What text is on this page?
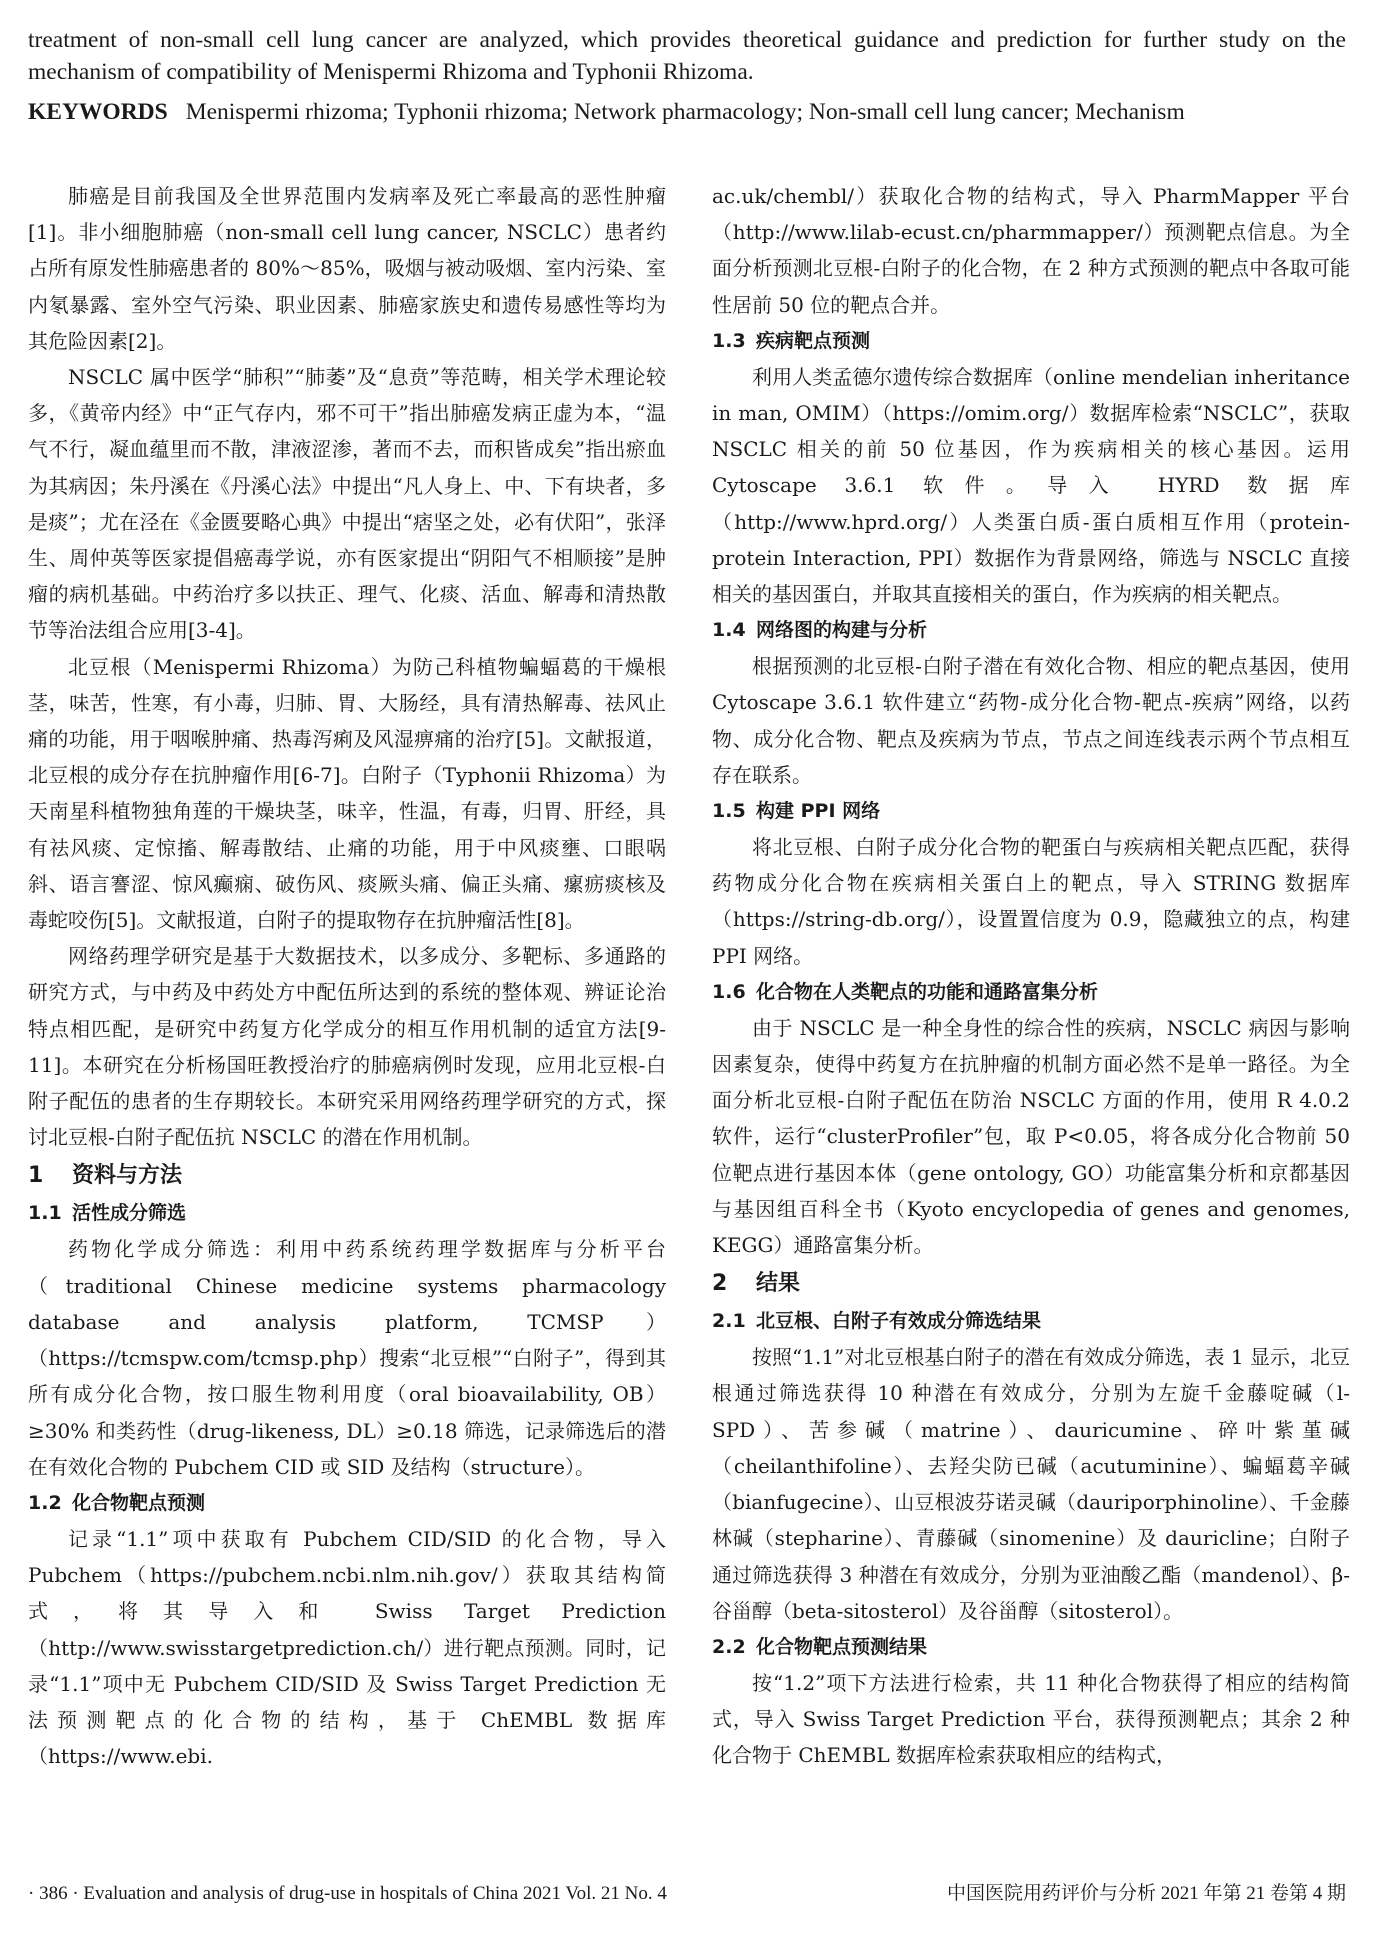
treatment of non-small cell lung cancer are analyzed, which provides theoretical guidance and prediction for further study on the mechanism of compatibility of Menispermi Rhizoma and Typhonii Rhizoma.
KEYWORDS Menispermi rhizoma; Typhonii rhizoma; Network pharmacology; Non-small cell lung cancer; Mechanism

肺癌是目前我国及全世界范围内发病率及死亡率最高的恶性肿瘤[1]。非小细胞肺癌（non-small cell lung cancer, NSCLC）患者约占所有原发性肺癌患者的 80%～85%，吸烟与被动吸烟、室内污染、室内氡暴露、室外空气污染、职业因素、肺癌家族史和遗传易感性等均为其危险因素[2]。

NSCLC 属中医学“肺积”“肺萎”及“息贲”等范畴，相关学术理论较多，《黄帝内经》中“正气存内，邪不可干”指出肺癌发病正虚为本，“温气不行，凝血蕴里而不散，津液涩渗，著而不去，而积皆成矣”指出瘀血为其病因；朱丹溪在《丹溪心法》中提出“凡人身上、中、下有块者，多是痰”；尤在泾在《金匮要略心典》中提出“痞坚之处，必有伏阳”，张泽生、周仲英等医家提倡癌毒学说，亦有医家提出“阴阳气不相顺接”是肿瘤的病机基础。中药治疗多以扶正、理气、化痰、活血、解毒和清热散节等治法组合应用[3-4]。

北豆根（Menispermi Rhizoma）为防己科植物蝙蝠葛的干燥根茎，味苦，性寒，有小毒，归肺、胃、大肠经，具有清热解毒、祛风止痛的功能，用于咽喉肿痛、热毒泻痢及风湿痹痛的治疗[5]。文献报道，北豆根的成分存在抗肿瘤作用[6-7]。白附子（Typhonii Rhizoma）为天南星科植物独角莲的干燥块茎，味辛，性温，有毒，归胃、肝经，具有祛风痰、定惊搐、解毒散结、止痛的功能，用于中风痰壅、口眼㖞斜、语言謇涩、惊风癫痫、破伤风、痰厥头痛、偏正头痛、瘰疬痰核及毒蛇咬伤[5]。文献报道，白附子的提取物存在抗肿瘤活性[8]。

网络药理学研究是基于大数据技术，以多成分、多靶标、多通路的研究方式，与中药及中药处方中配伍所达到的系统的整体观、辨证论治特点相匹配，是研究中药复方化学成分的相互作用机制的适宜方法[9-11]。本研究在分析杨国旺教授治疗的肺癌病例时发现，应用北豆根-白附子配伍的患者的生存期较长。本研究采用网络药理学研究的方式，探讨北豆根-白附子配伍抗 NSCLC 的潜在作用机制。

1 资料与方法
1.1 活性成分筛选

药物化学成分筛选：利用中药系统药理学数据库与分析平台（traditional Chinese medicine systems pharmacology database and analysis platform, TCMSP）（https://tcmspw.com/tcmsp.php）搜索“北豆根”“白附子”，得到其所有成分化合物，按口服生物利用度（oral bioavailability, OB）≥30% 和类药性（drug-likeness, DL）≥0.18 筛选，记录筛选后的潜在有效化合物的 Pubchem CID 或 SID 及结构（structure）。

1.2 化合物靶点预测

记录“1.1”项中获取有 Pubchem CID/SID 的化合物，导入 Pubchem（https://pubchem.ncbi.nlm.nih.gov/）获取其结构简式，将其导入和 Swiss Target Prediction（http://www.swisstargetprediction.ch/）进行靶点预测。同时，记录“1.1”项中无 Pubchem CID/SID 及 Swiss Target Prediction 无法预测靶点的化合物的结构，基于 ChEMBL 数据库（https://www.ebi.

ac.uk/chembl/）获取化合物的结构式，导入 PharmMapper 平台（http://www.lilab-ecust.cn/pharmmapper/）预测靶点信息。为全面分析预测北豆根-白附子的化合物，在 2 种方式预测的靶点中各取可能性居前 50 位的靶点合并。

1.3 疾病靶点预测

利用人类孟德尔遗传综合数据库（online mendelian inheritance in man, OMIM）（https://omim.org/）数据库检索“NSCLC”，获取 NSCLC 相关的前 50 位基因，作为疾病相关的核心基因。运用 Cytoscape 3.6.1 软件。导入 HYRD 数据库（http://www.hprd.org/）人类蛋白质-蛋白质相互作用（protein-protein Interaction, PPI）数据作为背景网络，筛选与 NSCLC 直接相关的基因蛋白，并取其直接相关的蛋白，作为疾病的相关靶点。

1.4 网络图的构建与分析

根据预测的北豆根-白附子潜在有效化合物、相应的靶点基因，使用 Cytoscape 3.6.1 软件建立“药物-成分化合物-靶点-疾病”网络，以药物、成分化合物、靶点及疾病为节点，节点之间连线表示两个节点相互存在联系。

1.5 构建 PPI 网络

将北豆根、白附子成分化合物的靶蛋白与疾病相关靶点匹配，获得药物成分化合物在疾病相关蛋白上的靶点，导入 STRING 数据库（https://string-db.org/），设置置信度为 0.9，隐藏独立的点，构建 PPI 网络。

1.6 化合物在人类靶点的功能和通路富集分析

由于 NSCLC 是一种全身性的综合性的疾病，NSCLC 病因与影响因素复杂，使得中药复方在抗肿瘤的机制方面必然不是单一路径。为全面分析北豆根-白附子配伍在防治 NSCLC 方面的作用，使用 R 4.0.2 软件，运行“clusterProfiler”包，取 P<0.05，将各成分化合物前 50 位靶点进行基因本体（gene ontology, GO）功能富集分析和京都基因与基因组百科全书（Kyoto encyclopedia of genes and genomes, KEGG）通路富集分析。

2 结果
2.1 北豆根、白附子有效成分筛选结果

按照“1.1”对北豆根基白附子的潜在有效成分筛选，表 1 显示，北豆根通过筛选获得 10 种潜在有效成分，分别为左旋千金藤啶碱（l-SPD）、苦参碱（matrine）、dauricumine、碎叶紫堇碱（cheilanthifoline）、去羟尖防已碱（acutuminine）、蝙蝠葛辛碱（bianfugecine）、山豆根波芬诺灵碱（dauriporphinoline）、千金藤林碱（stepharine）、青藤碱（sinomenine）及 dauricline；白附子通过筛选获得 3 种潜在有效成分，分别为亚油酸乙酯（mandenol）、β-谷甾醇（beta-sitosterol）及谷甾醇（sitosterol）。

2.2 化合物靶点预测结果

按“1.2”项下方法进行检索，共 11 种化合物获得了相应的结构简式，导入 Swiss Target Prediction 平台，获得预测靶点；其余 2 种化合物于 ChEMBL 数据库检索获取相应的结构式，

· 386 · Evaluation and analysis of drug-use in hospitals of China 2021 Vol. 21 No. 4	中国医院用药评价与分析 2021 年第 21 卷第 4 期
